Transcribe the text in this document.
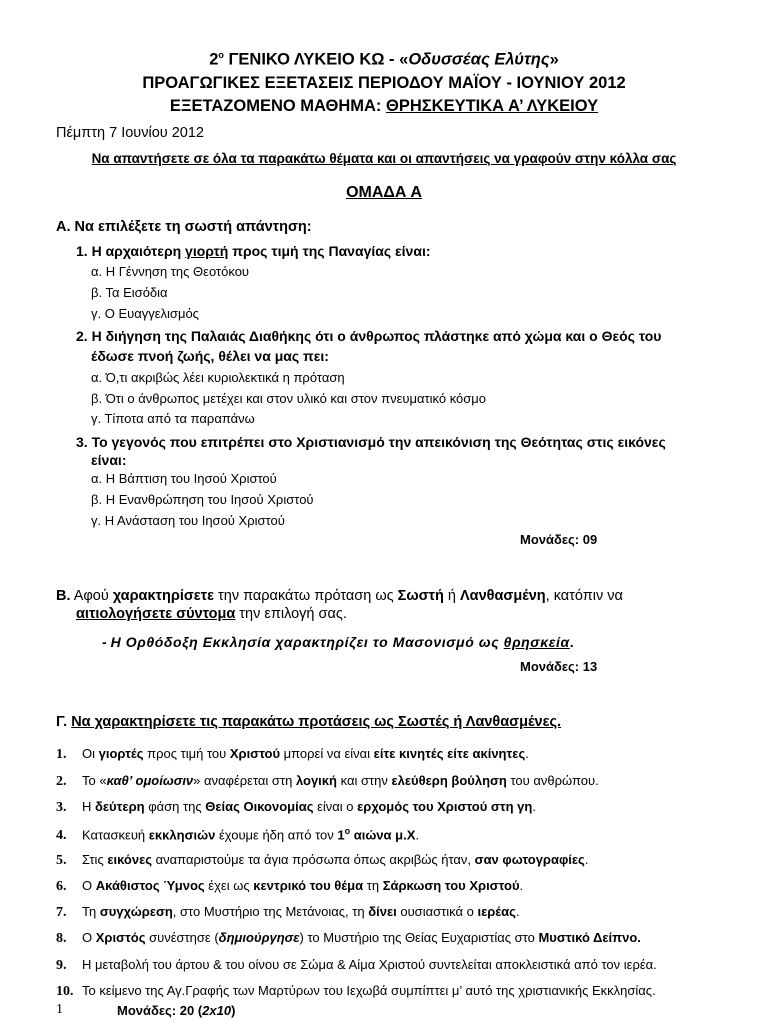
$2^o$ ΓΕΝΙΚΟ ΛΥΚΕΙΟ ΚΩ - «Οδυσσέας Ελύτης»
ΠΡΟΑΓΩΓΙΚΕΣ ΕΞΕΤΑΣΕΙΣ ΠΕΡΙΟΔΟΥ ΜΑΪΟΥ - ΙΟΥΝΙΟΥ 2012
ΕΞΕΤΑΖΟΜΕΝΟ ΜΑΘΗΜΑ: ΘΡΗΣΚΕΥΤΙΚΑ Α’ ΛΥΚΕΙΟΥ
Πέμπτη 7 Ιουνίου 2012
Να απαντήσετε σε όλα τα παρακάτω θέματα και οι απαντήσεις να γραφούν στην κόλλα σας
ΟΜΑΔΑ Α
Α. Να επιλέξετε τη σωστή απάντηση:
1. Η αρχαιότερη γιορτή προς τιμή της Παναγίας είναι:
α. Η Γέννηση της Θεοτόκου
β. Τα Εισόδια
γ. Ο Ευαγγελισμός
2. Η διήγηση της Παλαιάς Διαθήκης ότι ο άνθρωπος πλάστηκε από χώμα και ο Θεός του
έδωσε πνοή ζωής, θέλει να μας πει:
α. Ό,τι ακριβώς λέει κυριολεκτικά η πρόταση
β. Ότι ο άνθρωπος μετέχει και στον υλικό και στον πνευματικό κόσμο
γ. Τίποτα από τα παραπάνω
3. Το γεγονός που επιτρέπει στο Χριστιανισμό την απεικόνιση της Θεότητας στις εικόνες
είναι:
α. Η Βάπτιση του Ιησού Χριστού
β. Η Ενανθρώπηση του Ιησού Χριστού
γ. Η Ανάσταση του Ιησού Χριστού
Μονάδες: 09
Β. Αφού χαρακτηρίσετε την παρακάτω πρόταση ως Σωστή ή Λανθασμένη, κατόπιν να
αιτιολογήσετε σύντομα την επιλογή σας.
- Η Ορθόδοξη Εκκλησία χαρακτηρίζει το Μασονισμό ως θρησκεία.
Μονάδες: 13
Γ. Να χαρακτηρίσετε τις παρακάτω προτάσεις ως Σωστές ή Λανθασμένες.
1. Οι γιορτές προς τιμή του Χριστού μπορεί να είναι είτε κινητές είτε ακίνητες.
2. Το «καθ’ ομοίωσιν» αναφέρεται στη λογική και στην ελεύθερη βούληση του ανθρώπου.
3. Η δεύτερη φάση της Θείας Οικονομίας είναι ο ερχομός του Χριστού στη γη.
4. Κατασκευή εκκλησιών έχουμε ήδη από τον $1^o$ αιώνα μ.Χ.
5. Στις εικόνες αναπαριστούμε τα άγια πρόσωπα όπως ακριβώς ήταν, σαν φωτογραφίες.
6. Ο Ακάθιστος Ύμνος έχει ως κεντρικό του θέμα τη Σάρκωση του Χριστού.
7. Τη συγχώρεση, στο Μυστήριο της Μετάνοιας, τη δίνει ουσιαστικά ο ιερέας.
8. Ο Χριστός συνέστησε (δημιούργησε) το Μυστήριο της Θείας Ευχαριστίας στο Μυστικό Δείπνο.
9. Η μεταβολή του άρτου & του οίνου σε Σώμα & Αίμα Χριστού συντελείται αποκλειστικά από τον ιερέα.
10. Το κείμενο της Αγ.Γραφής των Μαρτύρων του Ιεχωβά συμπίπτει μ’ αυτό της χριστιανικής Εκκλησίας.
1	Μονάδες: 20 (2x10)
